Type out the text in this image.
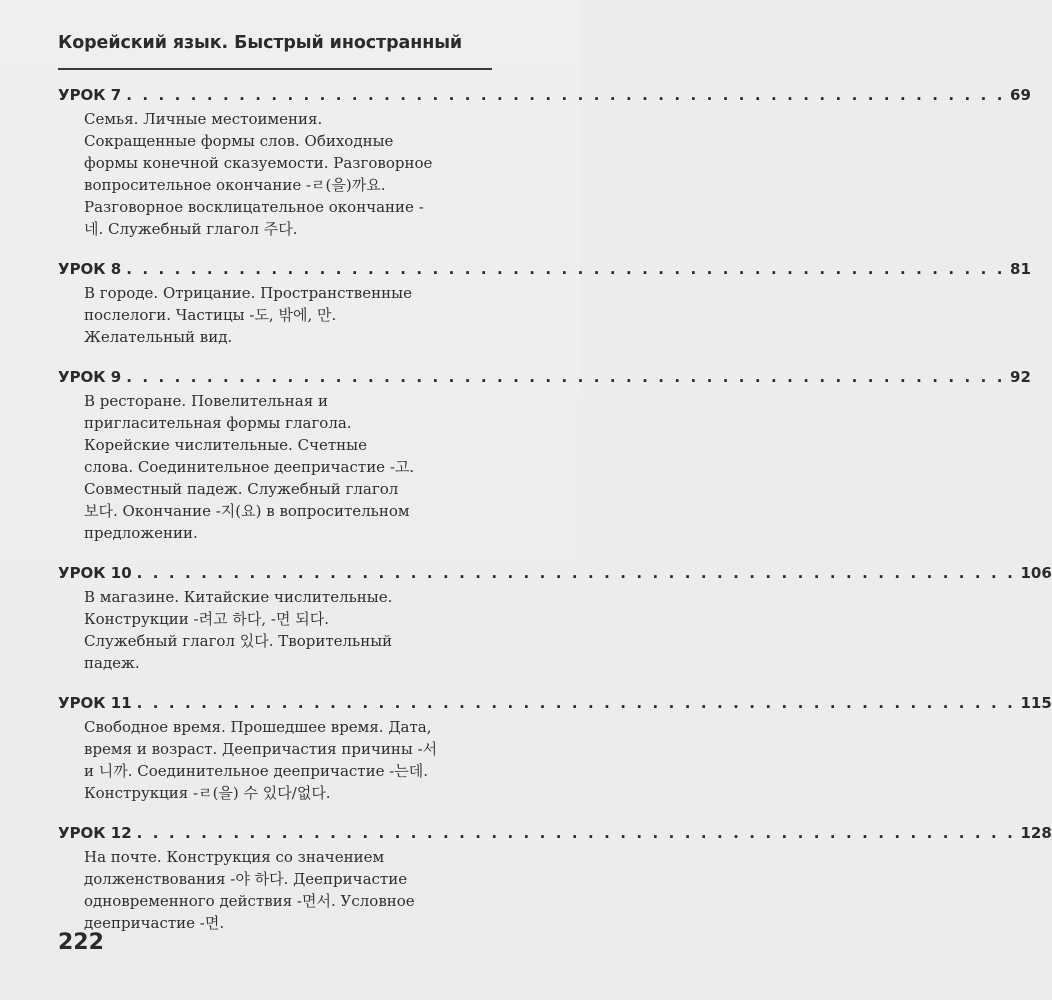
Корейский язык. Быстрый иностранный
УРОК 7 . . . . . . . . . . . . . . . . . . . . . . . . . . . . . . . . . . . . . . . . . . . . . . . . . . . . . . . 69
Семья. Личные местоимения.
Сокращенные формы слов. Обиходные
формы конечной сказуемости. Разговорное
вопросительное окончание -ㄹ(을)까요.
Разговорное восклицательное окончание -
네. Служебный глагол 주다.
УРОК 8 . . . . . . . . . . . . . . . . . . . . . . . . . . . . . . . . . . . . . . . . . . . . . . . . . . . . . . . 81
В городе. Отрицание. Пространственные
послелоги. Частицы -도, 밖에, 만.
Желательный вид.
УРОК 9 . . . . . . . . . . . . . . . . . . . . . . . . . . . . . . . . . . . . . . . . . . . . . . . . . . . . . . . 92
В ресторане. Повелительная и
пригласительная формы глагола.
Корейские числительные. Счетные
слова. Соединительное деепричастие -고.
Совместный падеж. Служебный глагол
보다. Окончание -지(요) в вопросительном
предложении.
УРОК 10 . . . . . . . . . . . . . . . . . . . . . . . . . . . . . . . . . . . . . . . . . . . . . . . . . . . . . . . 106
В магазине. Китайские числительные.
Конструкции -려고 하다, -면 되다.
Служебный глагол 있다. Творительный
падеж.
УРОК 11 . . . . . . . . . . . . . . . . . . . . . . . . . . . . . . . . . . . . . . . . . . . . . . . . . . . . . . . 115
Свободное время. Прошедшее время. Дата,
время и возраст. Деепричастия причины -서
и 니까. Соединительное деепричастие -는데.
Конструкция -ㄹ(을) 수 있다/없다.
УРОК 12 . . . . . . . . . . . . . . . . . . . . . . . . . . . . . . . . . . . . . . . . . . . . . . . . . . . . . . . 128
На почте. Конструкция со значением
долженствования -야 하다. Деепричастие
одновременного действия -면서. Условное
деепричастие -면.
222
